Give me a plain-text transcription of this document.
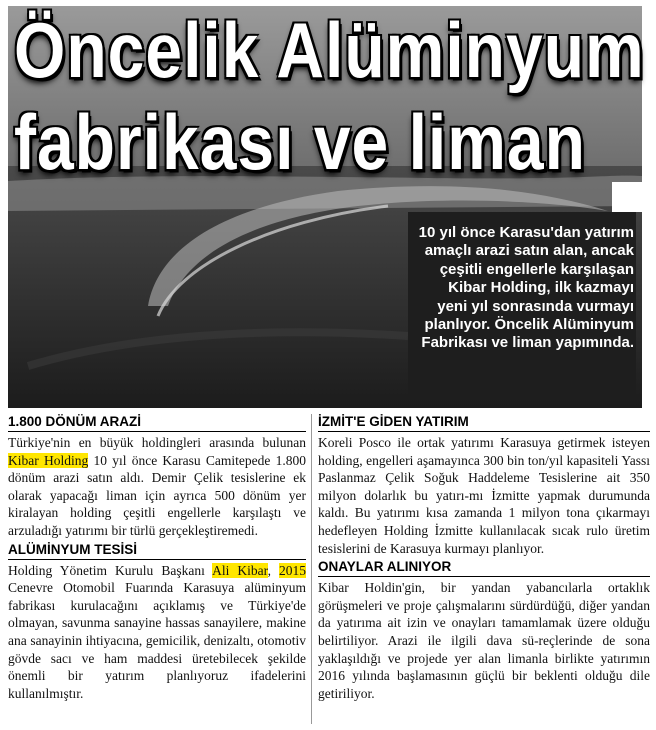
Öncelik Alüminyum
fabrikası ve liman
10 yıl önce Karasu'dan yatırım amaçlı arazi satın alan, ancak çeşitli engellerle karşılaşan Kibar Holding, ilk kazmayı yeni yıl sonrasında vurmayı planlıyor. Öncelik Alüminyum Fabrikası ve liman yapımında.
1.800 DÖNÜM ARAZİ

Türkiye'nin en büyük holdingleri arasında bulunan Kibar Holding 10 yıl önce Karasu Camitepede 1.800 dönüm arazi satın aldı. Demir Çelik tesislerine ek olarak yapacağı liman için ayrıca 500 dönüm yer kiralayan holding çeşitli engellerle karşılaştı ve arzuladığı yatırımı bir türlü gerçekleştiremedi.

ALÜMİNYUM TESİSİ

Holding Yönetim Kurulu Başkanı Ali Kibar, 2015 Cenevre Otomobil Fuarında Karasuya alüminyum fabrikası kurulacağını açıklamış ve Türkiye'de olmayan, savunma sanayine hassas sanayilere, makine ana sanayinin ihtiyacına, gemicilik, denizaltı, otomotiv gövde sacı ve ham maddesi üretebilecek şekilde önemli bir yatırım planlıyoruz ifadelerini kullanılmıştır.

İZMİT'E GİDEN YATIRIM

Koreli Posco ile ortak yatırımı Karasuya getirmek isteyen holding, engelleri aşamayınca 300 bin ton/yıl kapasiteli Yassı Paslanmaz Çelik Soğuk Haddeleme Tesislerine ait 350 milyon dolarlık bu yatırı-mı İzmitte yapmak durumunda kaldı. Bu yatırımı kısa zamanda 1 milyon tona çıkarmayı hedefleyen Holding İzmitte kullanılacak sıcak rulo üretim tesislerini de Karasuya kurmayı planlıyor.

ONAYLAR ALINIYOR

Kibar Holdin'gin, bir yandan yabancılarla ortaklık görüşmeleri ve proje çalışmalarını sürdürdüğü, diğer yandan da yatırıma ait izin ve onayları tamamlamak üzere olduğu belirtiliyor. Arazi ile ilgili dava sü-reçlerinde de sona yaklaşıldığı ve projede yer alan limanla birlikte yatırımın 2016 yılında başlamasının güçlü bir beklenti olduğu dile getiriliyor.
